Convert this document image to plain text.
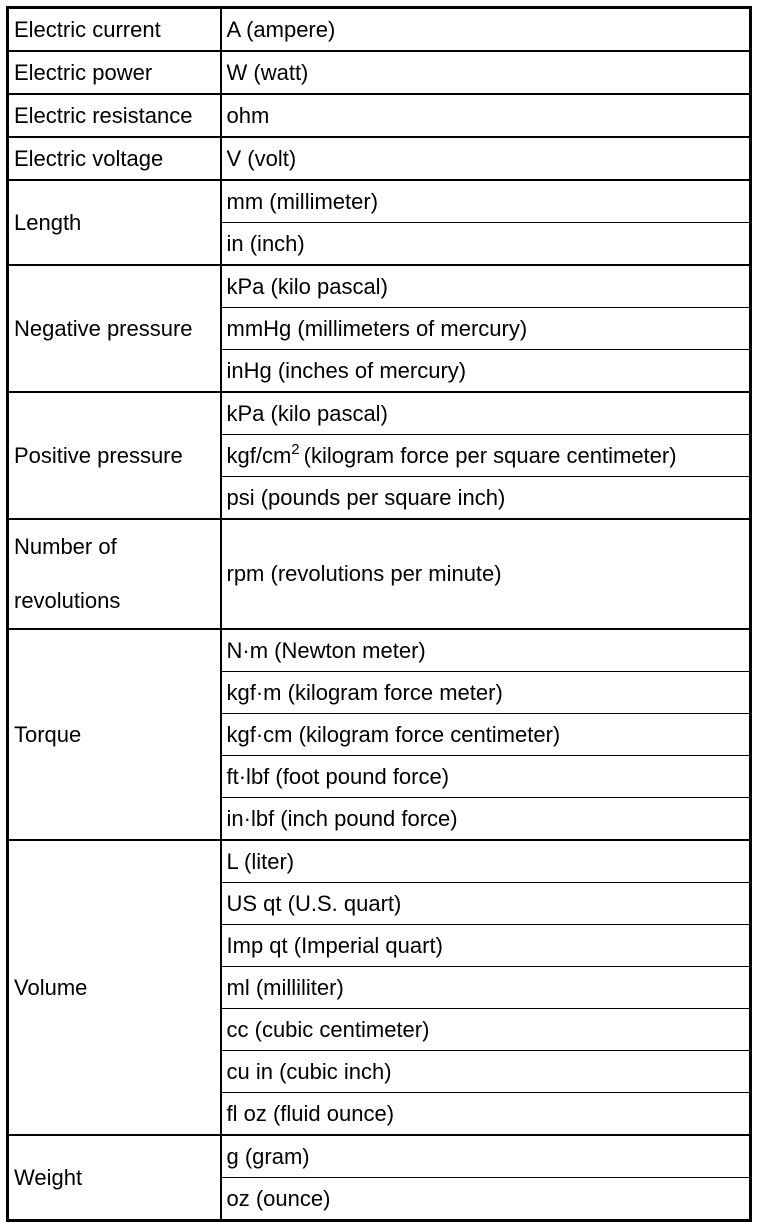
Electric current	A (ampere)
Electric power	W (watt)
Electric resistance	ohm
Electric voltage	V (volt)
Length	mm (millimeter)
	in (inch)
Negative pressure	kPa (kilo pascal)
	mmHg (millimeters of mercury)
	inHg (inches of mercury)
Positive pressure	kPa (kilo pascal)
	kgf/$cm^2$ (kilogram force per square centimeter)
	psi (pounds per square inch)

Number of
revolutions	rpm (revolutions per minute)
Torque	N·m (Newton meter)
	kgf·m (kilogram force meter)
	kgf·cm (kilogram force centimeter)
	ft·lbf (foot pound force)
	in·lbf (inch pound force)
Volume	L (liter)
	US qt (U.S. quart)
	Imp qt (Imperial quart)
	ml (milliliter)
	cc (cubic centimeter)
	cu in (cubic inch)
	fl oz (fluid ounce)
Weight	g (gram)
	oz (ounce)
